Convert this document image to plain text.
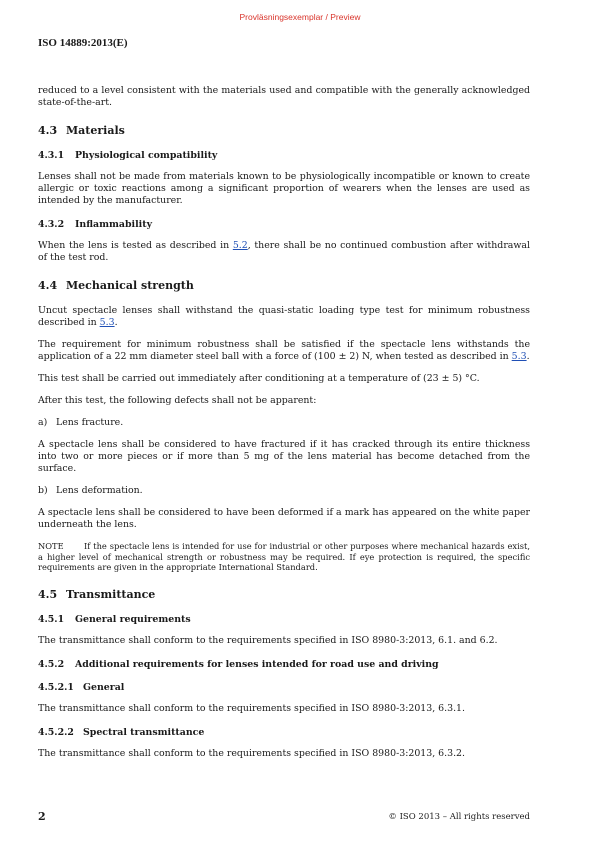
Provläsningsexemplar / Preview
ISO 14889:2013(E)

reduced to a level consistent with the materials used and compatible with the generally acknowledged state-of-the-art.

4.3 Materials
4.3.1 Physiological compatibility

Lenses shall not be made from materials known to be physiologically incompatible or known to create allergic or toxic reactions among a significant proportion of wearers when the lenses are used as intended by the manufacturer.

4.3.2 Inflammability

When the lens is tested as described in 5.2, there shall be no continued combustion after withdrawal of the test rod.

4.4 Mechanical strength

Uncut spectacle lenses shall withstand the quasi-static loading type test for minimum robustness described in 5.3.

The requirement for minimum robustness shall be satisfied if the spectacle lens withstands the application of a 22 mm diameter steel ball with a force of (100 ± 2) N, when tested as described in 5.3.

This test shall be carried out immediately after conditioning at a temperature of (23 ± 5) °C.

After this test, the following defects shall not be apparent:

a) Lens fracture.

A spectacle lens shall be considered to have fractured if it has cracked through its entire thickness into two or more pieces or if more than 5 mg of the lens material has become detached from the surface.

b) Lens deformation.

A spectacle lens shall be considered to have been deformed if a mark has appeared on the white paper underneath the lens.

NOTE If the spectacle lens is intended for use for industrial or other purposes where mechanical hazards exist, a higher level of mechanical strength or robustness may be required. If eye protection is required, the specific requirements are given in the appropriate International Standard.

4.5 Transmittance
4.5.1 General requirements

The transmittance shall conform to the requirements specified in ISO 8980-3:2013, 6.1. and 6.2.

4.5.2 Additional requirements for lenses intended for road use and driving
4.5.2.1 General

The transmittance shall conform to the requirements specified in ISO 8980-3:2013, 6.3.1.

4.5.2.2 Spectral transmittance

The transmittance shall conform to the requirements specified in ISO 8980-3:2013, 6.3.2.

2	© ISO 2013 – All rights reserved
